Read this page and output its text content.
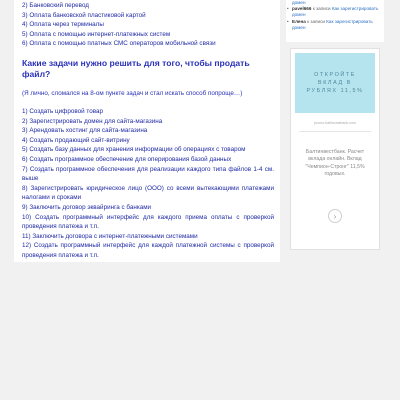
2) Банковский перевод
3) Оплата банковской пластиковой картой
4) Оплата через терминалы
5) Оплата с помощью интернет-платежных систем
6) Оплата с помощью платных СМС операторов мобильной связи
Какие задачи нужно решить для того, чтобы продать файл?
(Я лично, сломался на 8-ом пункте задач и стал искать способ попроще…)
1) Создать цифровой товар
2) Зарегистрировать домен для сайта-магазина
3) Арендовать хостинг для сайта-магазина
4) Создать продающий сайт-витрину
5) Создать базу данных для хранения информации об операциях с товаром
6) Создать программное обеспечение для оперирования базой данных
7) Создать программное обеспечения для реализации каждого типа файлов 1-4 см. выше
8) Зарегистрировать юридическое лицо (ООО) со всеми вытекающими платежами налогами и сроками
9) Заключить договор эквайринга с банками
10) Создать программный интерфейс для каждого приема оплаты с проверкой проведения платежа и т.п.
11) Заключить договора с интернет-платежными системами
12) Создать программный интерфейс для каждой платежной системы с проверкой проведения платежа и т.п.
домен
• pavel666 к записи Как зарегистрировать домен
• Елена к записи Как зарегистрировать домен
ОТКРОЙТЕ
ВКЛАД В
РУБЛЯХ 11,5%
promo.baltinvestbank.com
Балтинвестбанк. Расчет вклада онлайн. Вклад "Чемпион-Стронг" 11,5% годовых.
›
